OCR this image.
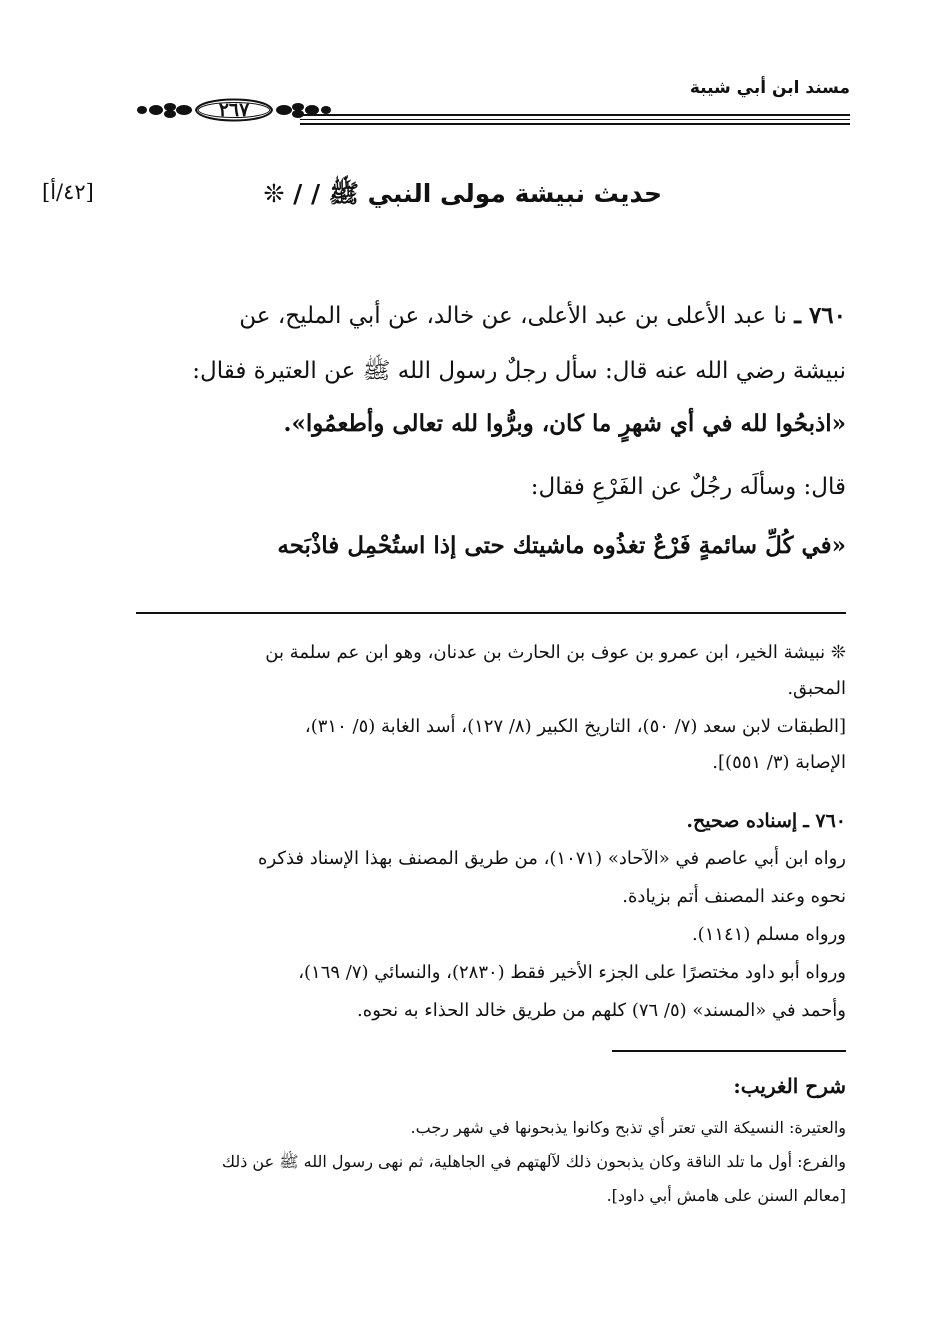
مسند ابن أبي شيبة
٢٦٧
حديث نبيشة مولى النبي ﷺ / / ❊
[٤٢/أ]
٧٦٠ ـ نا عبد الأعلى بن عبد الأعلى، عن خالد، عن أبي المليح، عن
نبيشة رضي الله عنه قال: سأل رجلٌ رسول الله ﷺ عن العتيرة فقال:
«اذبحُوا لله في أي شهرٍ ما كان، وبرُّوا لله تعالى وأطعمُوا».
قال: وسألَه رجُلٌ عن الفَرْعِ فقال:
«في كُلِّ سائمةٍ فَرْعٌ تغذُوه ماشيتك حتى إذا استُحْمِل فاذْبَحه
❊ نبيشة الخير، ابن عمرو بن عوف بن الحارث بن عدنان، وهو ابن عم سلمة بن
المحبق.
[الطبقات لابن سعد (٧/ ٥٠)، التاريخ الكبير (٨/ ١٢٧)، أسد الغابة (٥/ ٣١٠)،
الإصابة (٣/ ٥٥١)].
٧٦٠ ـ إسناده صحيح.
رواه ابن أبي عاصم في «الآحاد» (١٠٧١)، من طريق المصنف بهذا الإسناد فذكره
نحوه وعند المصنف أتم بزيادة.
ورواه مسلم (١١٤١).
ورواه أبو داود مختصرًا على الجزء الأخير فقط (٢٨٣٠)، والنسائي (٧/ ١٦٩)،
وأحمد في «المسند» (٥/ ٧٦) كلهم من طريق خالد الحذاء به نحوه.
شرح الغريب:
والعتيرة: النسيكة التي تعتر أي تذبح وكانوا يذبحونها في شهر رجب.
والفرع: أول ما تلد الناقة وكان يذبحون ذلك لآلهتهم في الجاهلية، ثم نهى رسول الله ﷺ عن ذلك
[معالم السنن على هامش أبي داود].
